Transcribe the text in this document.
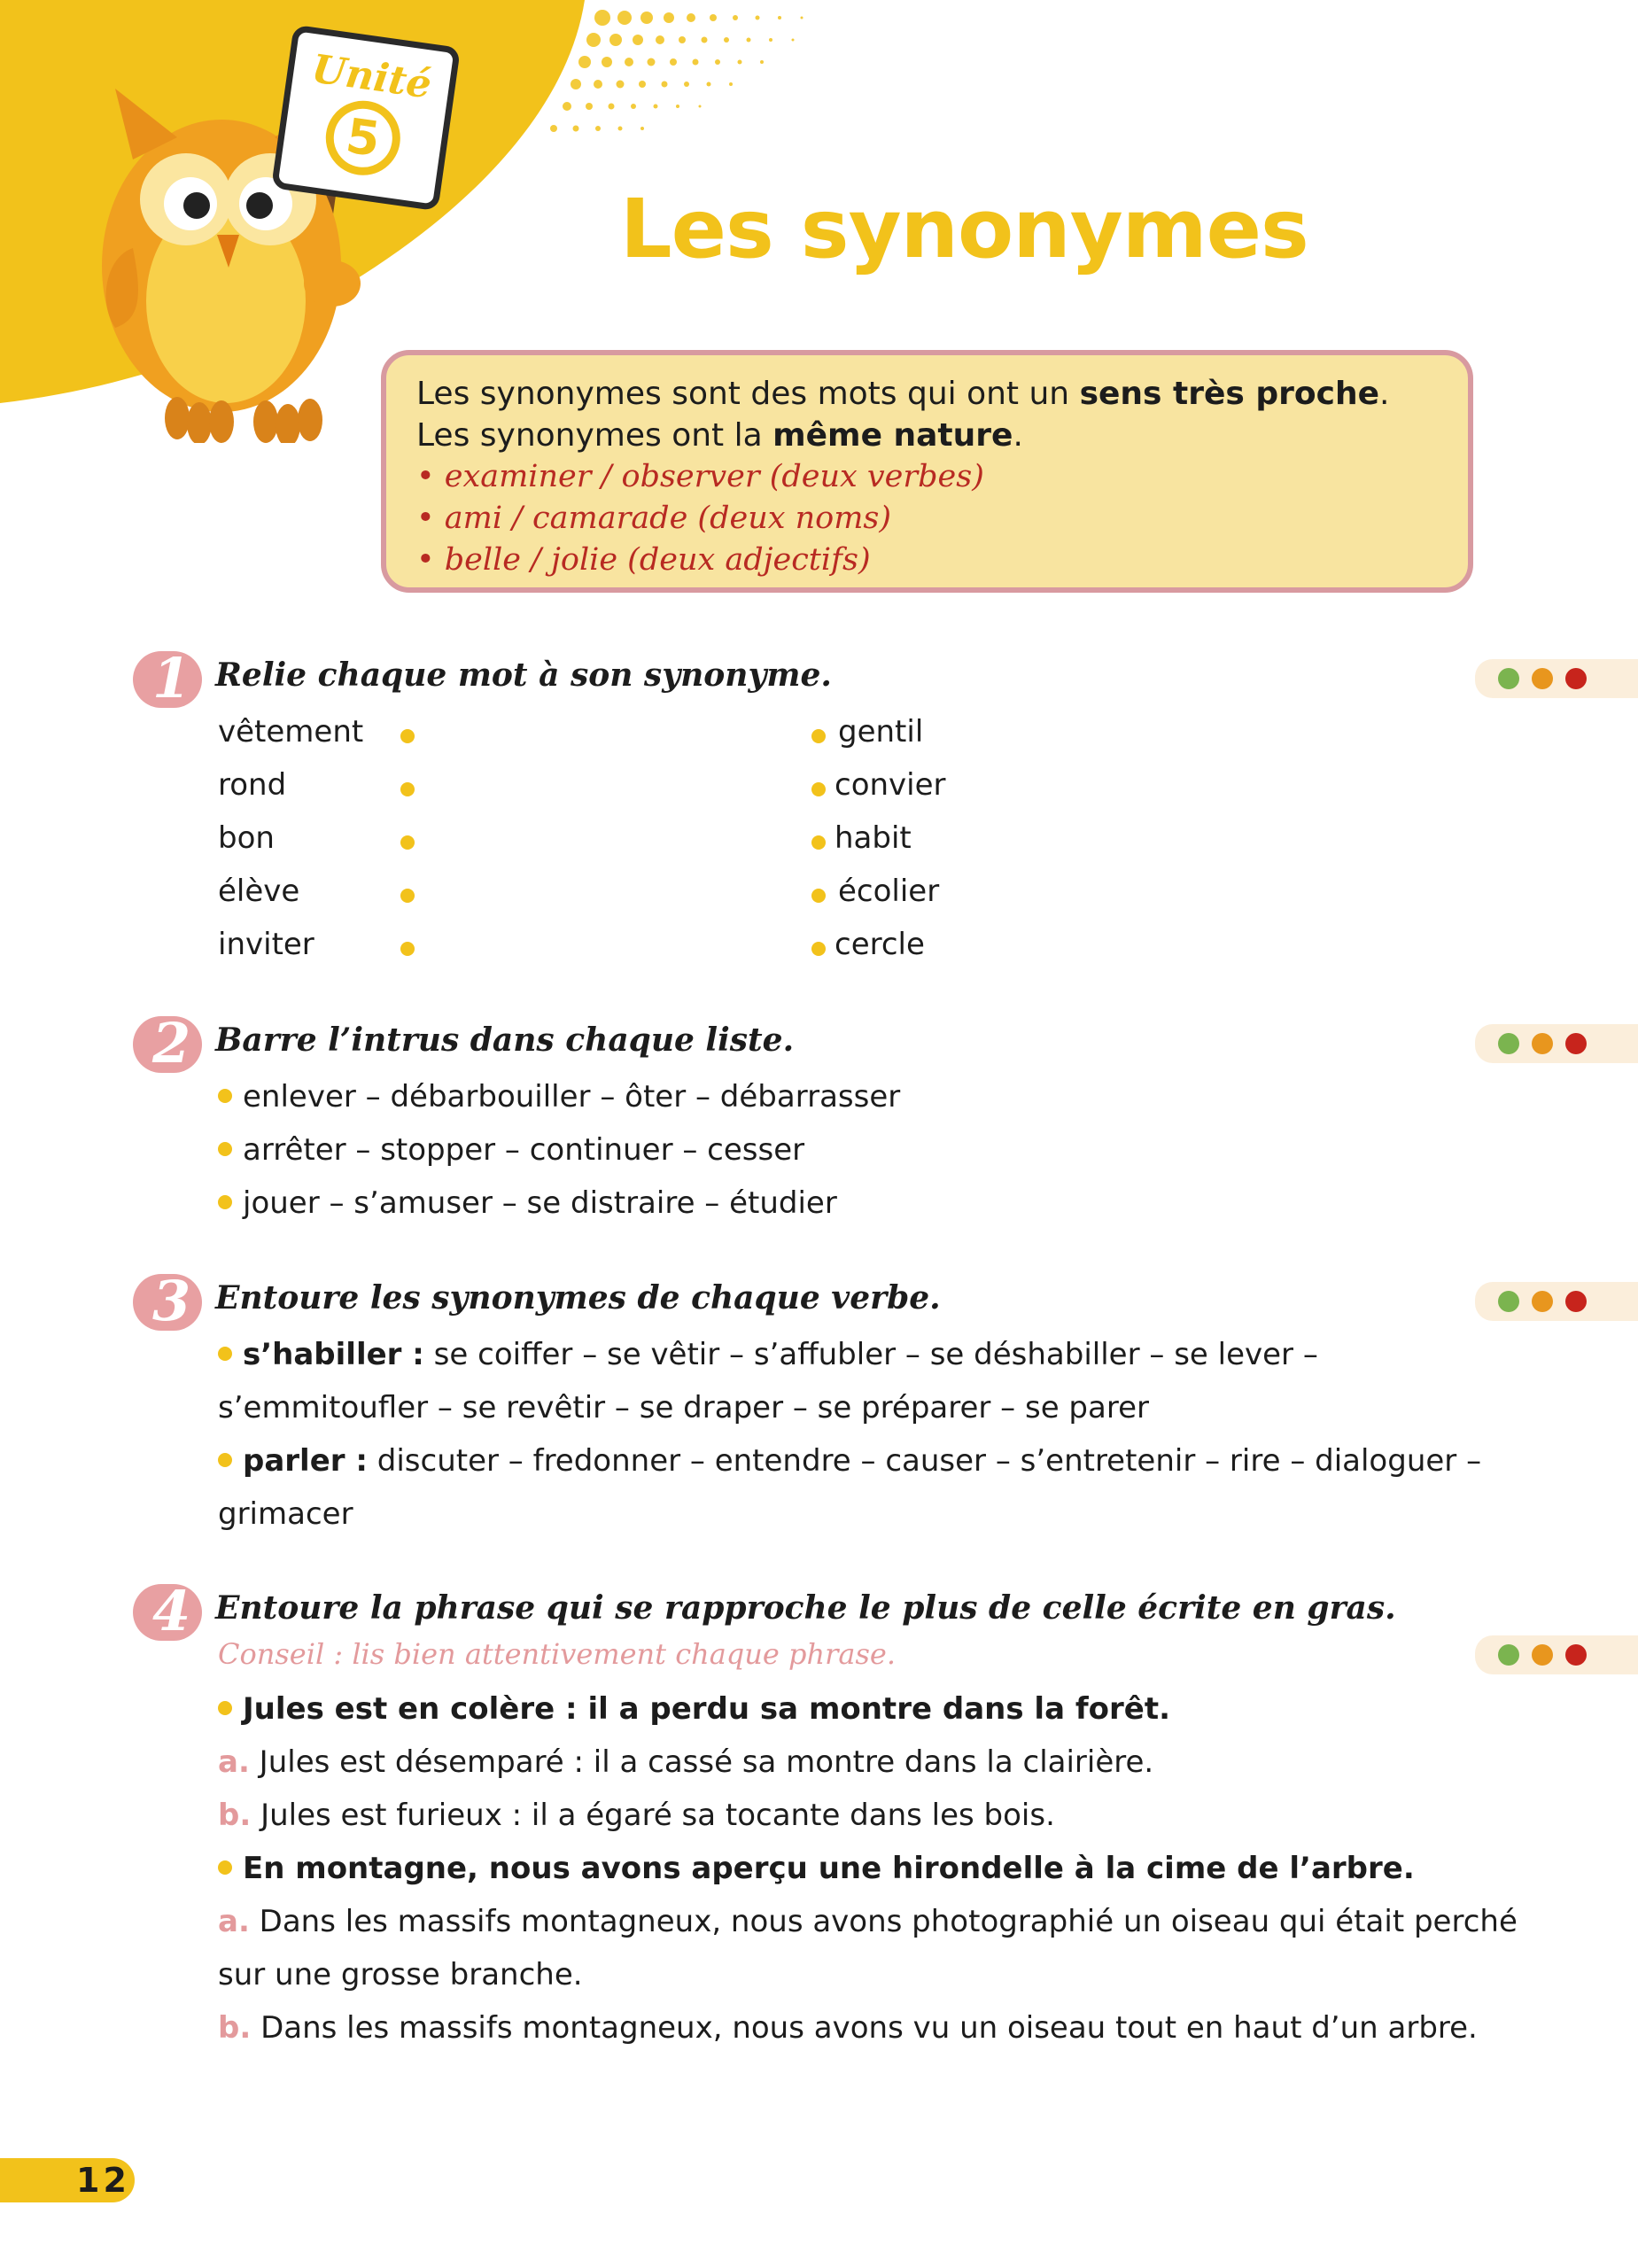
Unité
5
Les synonymes
Les synonymes sont des mots qui ont un sens très proche.
Les synonymes ont la même nature.
• examiner / observer (deux verbes)
• ami / camarade (deux noms)
• belle / jolie (deux adjectifs)
1 Relie chaque mot à son synonyme.
vêtement
rond
bon
élève
inviter
gentil
convier
habit
écolier
cercle
2 Barre l’intrus dans chaque liste.
enlever – débarbouiller – ôter – débarrasser
arrêter – stopper – continuer – cesser
jouer – s’amuser – se distraire – étudier
3 Entoure les synonymes de chaque verbe.
s’habiller : se coiffer – se vêtir – s’affubler – se déshabiller – se lever –
s’emmitoufler – se revêtir – se draper – se préparer – se parer
parler : discuter – fredonner – entendre – causer – s’entretenir – rire – dialoguer –
grimacer
4 Entoure la phrase qui se rapproche le plus de celle écrite en gras.
Conseil : lis bien attentivement chaque phrase.
Jules est en colère : il a perdu sa montre dans la forêt.
a. Jules est désemparé : il a cassé sa montre dans la clairière.
b. Jules est furieux : il a égaré sa tocante dans les bois.
En montagne, nous avons aperçu une hirondelle à la cime de l’arbre.
a. Dans les massifs montagneux, nous avons photographié un oiseau qui était perché
sur une grosse branche.
b. Dans les massifs montagneux, nous avons vu un oiseau tout en haut d’un arbre.
12
